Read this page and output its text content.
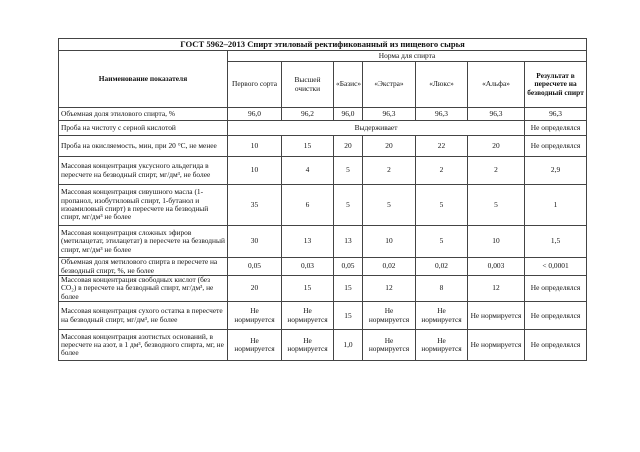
ГОСТ 5962–2013 Спирт этиловый ректификованный из пищевого сырья							
Наименование показателя	Норма для спирта						
	Первого сорта	Высшей очистки	«Базис»	«Экстра»	«Люкс»	«Альфа»	Результат в пересчете на безводный спирт
Объемная доля этилового спирта, %	96,0	96,2	96,0	96,3	96,3	96,3	96,3
Проба на чистоту с серной кислотой	Выдерживает						Не определялся
Проба на окисляемость, мин, при 20 °С, не менее	10	15	20	20	22	20	Не определялся
Массовая концентрация уксусного альдегида в пересчете на безводный спирт, мг/дм³, не более	10	4	5	2	2	2	2,9
Массовая концентрация сивушного масла (1-пропанол, изобутиловый спирт, 1-бутанол и изоамиловый спирт) в пересчете на безводный спирт, мг/дм³ не более	35	6	5	5	5	5	1
Массовая концентрация сложных эфиров (метилацетат, этилацетат) в пересчете на безводный спирт, мг/дм³ не более	30	13	13	10	5	10	1,5
Объемная доля метилового спирта в пересчете на безводный спирт, %, не более	0,05	0,03	0,05	0,02	0,02	0,003	< 0,0001
Массовая концентрация свободных кислот (без CO₂) в пересчете на безводный спирт, мг/дм³, не более	20	15	15	12	8	12	Не определялся
Массовая концентрация сухого остатка в пересчете на безводный спирт, мг/дм³, не более	Не нормируется	Не нормируется	15	Не нормируется	Не нормируется	Не нормируется	Не определялся
Массовая концентрация азотистых оснований, в пересчете на азот, в 1 дм³, безводного спирта, мг, не более	Не нормируется	Не нормируется	1,0	Не нормируется	Не нормируется	Не нормируется	Не определялся
